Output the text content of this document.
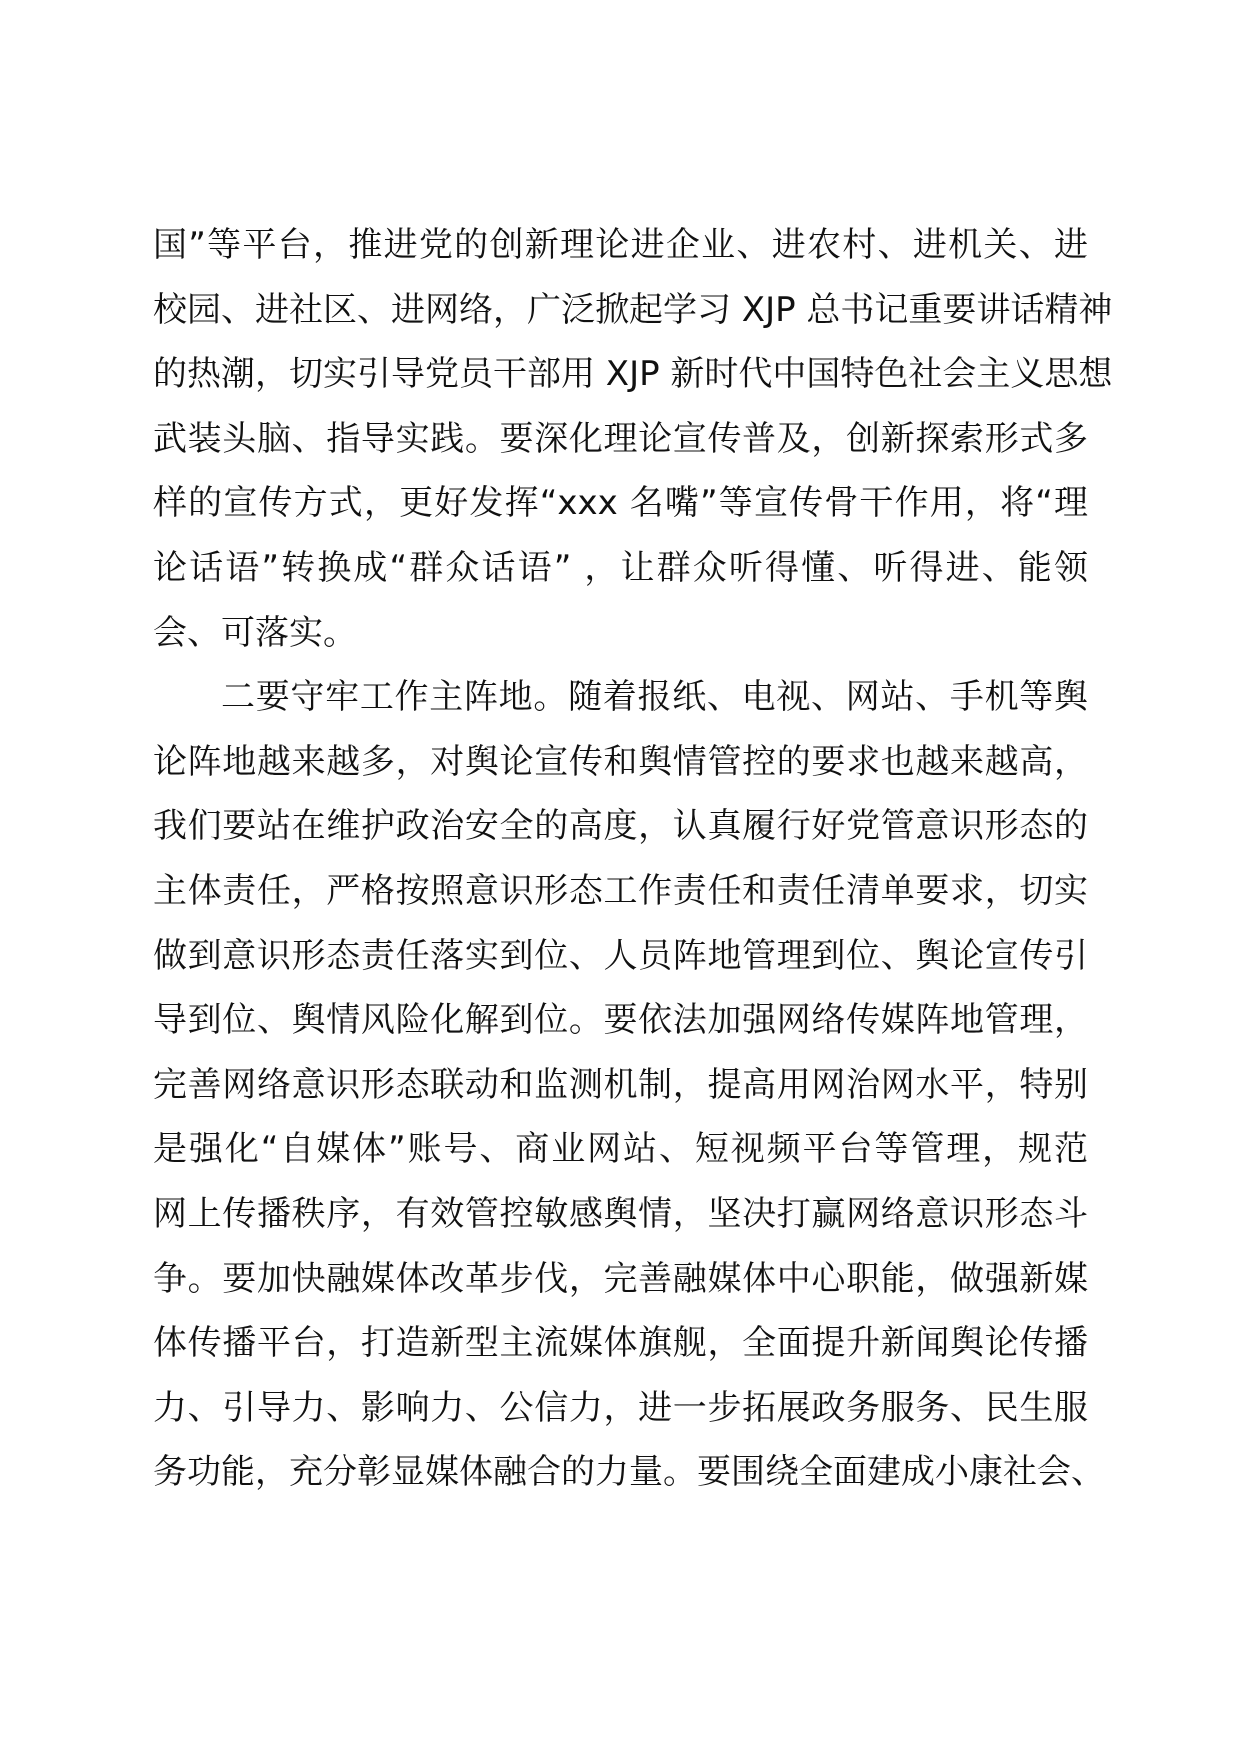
国”等平台，推进党的创新理论进企业、进农村、进机关、进
校园、进社区、进网络，广泛掀起学习 XJP 总书记重要讲话精神
的热潮，切实引导党员干部用 XJP 新时代中国特色社会主义思想
武装头脑、指导实践。要深化理论宣传普及，创新探索形式多
样的宣传方式，更好发挥“xxx 名嘴”等宣传骨干作用，将“理
论话语”转换成“群众话语” ，让群众听得懂、听得进、能领
会、可落实。
二要守牢工作主阵地。随着报纸、电视、网站、手机等舆
论阵地越来越多，对舆论宣传和舆情管控的要求也越来越高，
我们要站在维护政治安全的高度，认真履行好党管意识形态的
主体责任，严格按照意识形态工作责任和责任清单要求，切实
做到意识形态责任落实到位、人员阵地管理到位、舆论宣传引
导到位、舆情风险化解到位。要依法加强网络传媒阵地管理，
完善网络意识形态联动和监测机制，提高用网治网水平，特别
是强化“自媒体”账号、商业网站、短视频平台等管理，规范
网上传播秩序，有效管控敏感舆情，坚决打赢网络意识形态斗
争。要加快融媒体改革步伐，完善融媒体中心职能，做强新媒
体传播平台，打造新型主流媒体旗舰，全面提升新闻舆论传播
力、引导力、影响力、公信力，进一步拓展政务服务、民生服
务功能，充分彰显媒体融合的力量。要围绕全面建成小康社会、
